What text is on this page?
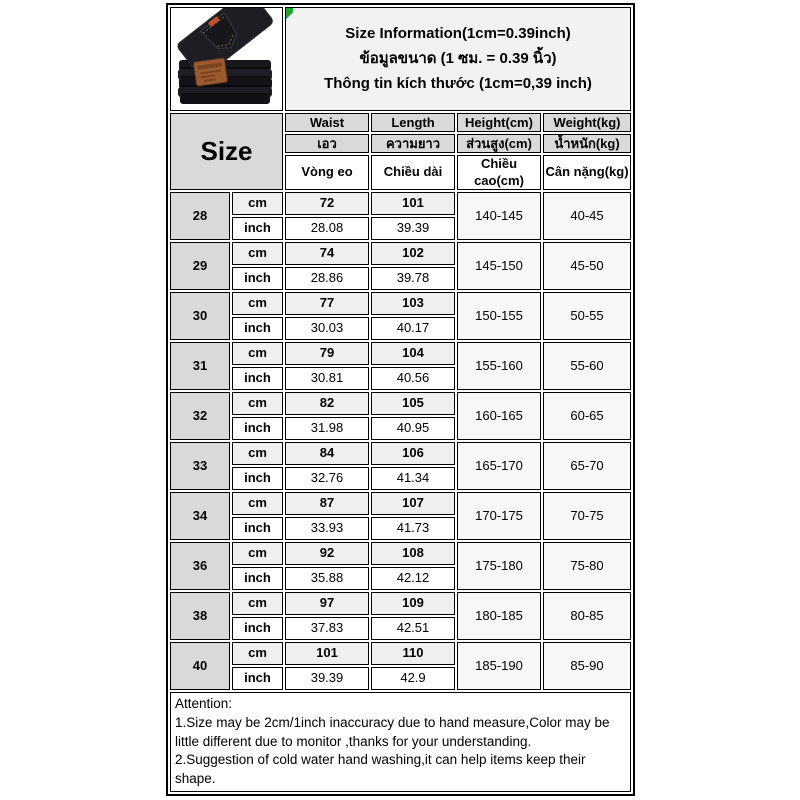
Size Information(1cm=0.39inch)
ข้อมูลขนาด (1 ซม. = 0.39 นิ้ว)
Thông tin kích thước (1cm=0,39 inch)			

Size		Waist	Length	Height(cm)	Weight(kg)
		เอว	ความยาว	ส่วนสูง(cm)	น้ำหนัก(kg)
		Vòng eo	Chiều dài	Chiều cao(cm)	Cân nặng(kg)
28	cm	72	101	140-145	40-45
	inch	28.08	39.39		
29	cm	74	102	145-150	45-50
	inch	28.86	39.78		
30	cm	77	103	150-155	50-55
	inch	30.03	40.17		
31	cm	79	104	155-160	55-60
	inch	30.81	40.56		
32	cm	82	105	160-165	60-65
	inch	31.98	40.95		
33	cm	84	106	165-170	65-70
	inch	32.76	41.34		
34	cm	87	107	170-175	70-75
	inch	33.93	41.73		
36	cm	92	108	175-180	75-80
	inch	35.88	42.12		
38	cm	97	109	180-185	80-85
	inch	37.83	42.51		
40	cm	101	110	185-190	85-90
	inch	39.39	42.9		

Attention:

1.Size may be 2cm/1inch inaccuracy due to hand measure,Color may be little different due to monitor ,thanks for your understanding.

2.Suggestion of cold water hand washing,it can help items keep their shape.					
